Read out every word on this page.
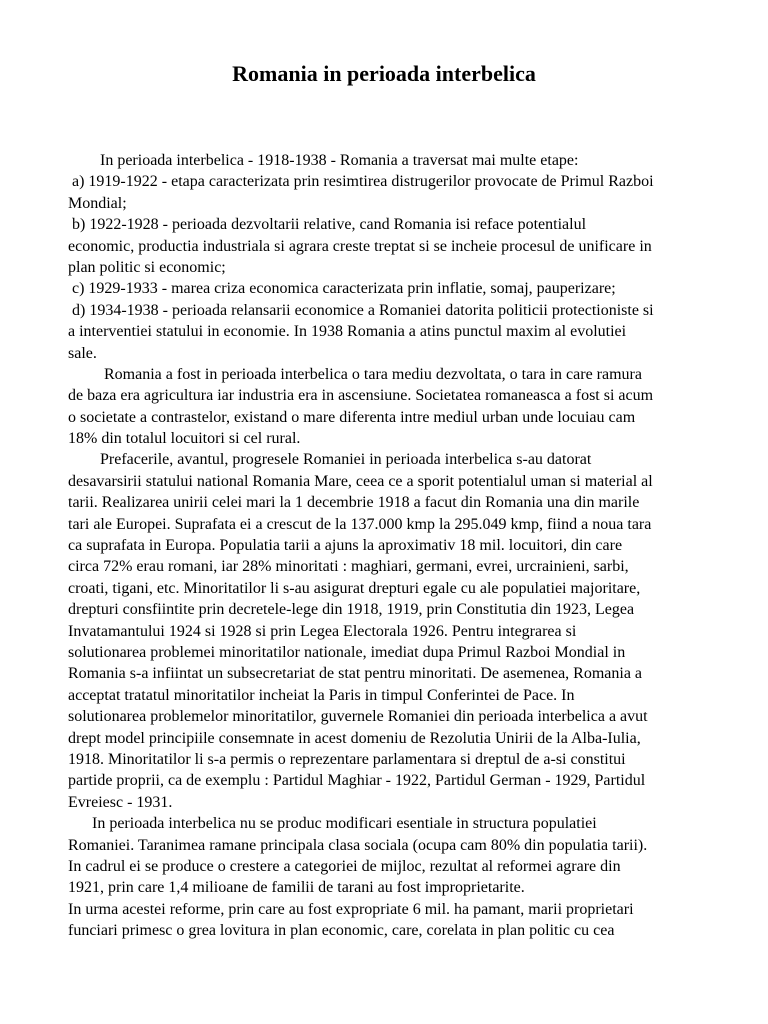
Romania in perioada interbelica
In perioada interbelica - 1918-1938 - Romania a traversat mai multe etape:
a) 1919-1922 - etapa caracterizata prin resimtirea distrugerilor provocate de Primul Razboi
Mondial;
b) 1922-1928 - perioada dezvoltarii relative, cand Romania isi reface potentialul
economic, productia industriala si agrara creste treptat si se incheie procesul de unificare in
plan politic si economic;
c) 1929-1933 - marea criza economica caracterizata prin inflatie, somaj, pauperizare;
d) 1934-1938 - perioada relansarii economice a Romaniei datorita politicii protectioniste si
a interventiei statului in economie. In 1938 Romania a atins punctul maxim al evolutiei
sale.
Romania a fost in perioada interbelica o tara mediu dezvoltata, o tara in care ramura
de baza era agricultura iar industria era in ascensiune. Societatea romaneasca a fost si acum
o societate a contrastelor, existand o mare diferenta intre mediul urban unde locuiau cam
18% din totalul locuitori si cel rural.
Prefacerile, avantul, progresele Romaniei in perioada interbelica s-au datorat
desavarsirii statului national Romania Mare, ceea ce a sporit potentialul uman si material al
tarii. Realizarea unirii celei mari la 1 decembrie 1918 a facut din Romania una din marile
tari ale Europei. Suprafata ei a crescut de la 137.000 kmp la 295.049 kmp, fiind a noua tara
ca suprafata in Europa. Populatia tarii a ajuns la aproximativ 18 mil. locuitori, din care
circa 72% erau romani, iar 28% minoritati : maghiari, germani, evrei, urcrainieni, sarbi,
croati, tigani, etc. Minoritatilor li s-au asigurat drepturi egale cu ale populatiei majoritare,
drepturi consfiintite prin decretele-lege din 1918, 1919, prin Constitutia din 1923, Legea
Invatamantului 1924 si 1928 si prin Legea Electorala 1926. Pentru integrarea si
solutionarea problemei minoritatilor nationale, imediat dupa Primul Razboi Mondial in
Romania s-a infiintat un subsecretariat de stat pentru minoritati. De asemenea, Romania a
acceptat tratatul minoritatilor incheiat la Paris in timpul Conferintei de Pace. In
solutionarea problemelor minoritatilor, guvernele Romaniei din perioada interbelica a avut
drept model principiile consemnate in acest domeniu de Rezolutia Unirii de la Alba-Iulia,
1918. Minoritatilor li s-a permis o reprezentare parlamentara si dreptul de a-si constitui
partide proprii, ca de exemplu : Partidul Maghiar - 1922, Partidul German - 1929, Partidul
Evreiesc - 1931.
In perioada interbelica nu se produc modificari esentiale in structura populatiei
Romaniei. Taranimea ramane principala clasa sociala (ocupa cam 80% din populatia tarii).
In cadrul ei se produce o crestere a categoriei de mijloc, rezultat al reformei agrare din
1921, prin care 1,4 milioane de familii de tarani au fost improprietarite.
In urma acestei reforme, prin care au fost expropriate 6 mil. ha pamant, marii proprietari
funciari primesc o grea lovitura in plan economic, care, corelata in plan politic cu cea
